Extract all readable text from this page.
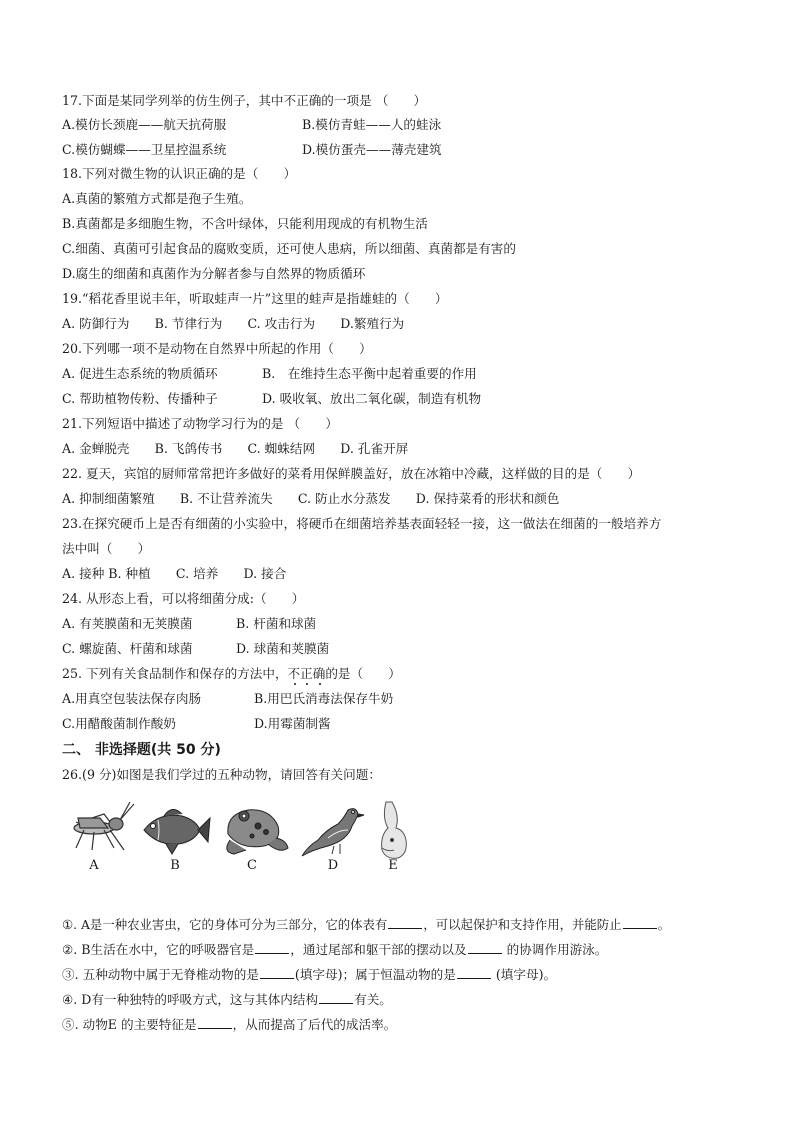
17.下面是某同学列举的仿生例子，其中不正确的一项是 （　　）
A.模仿长颈鹿——航天抗荷服	B.模仿青蛙——人的蛙泳
C.模仿蝴蝶——卫星控温系统	D.模仿蛋壳——薄壳建筑
18.下列对微生物的认识正确的是（　　）
A.真菌的繁殖方式都是孢子生殖。
B.真菌都是多细胞生物，不含叶绿体，只能利用现成的有机物生活
C.细菌、真菌可引起食品的腐败变质，还可使人患病，所以细菌、真菌都是有害的
D.腐生的细菌和真菌作为分解者参与自然界的物质循环
19.“稻花香里说丰年，听取蛙声一片”这里的蛙声是指雄蛙的（　　）
A. 防御行为　　B. 节律行为　　C. 攻击行为　　D.繁殖行为
20.下列哪一项不是动物在自然界中所起的作用（　　）
A. 促进生态系统的物质循环	B.　在维持生态平衡中起着重要的作用
C. 帮助植物传粉、传播种子	D. 吸收氧、放出二氧化碳，制造有机物
21.下列短语中描述了动物学习行为的是 （　　）
A. 金蝉脱壳　　B. 飞鸽传书　　C. 蜘蛛结网　　D. 孔雀开屏
22. 夏天，宾馆的厨师常常把许多做好的菜肴用保鲜膜盖好，放在冰箱中冷藏，这样做的目的是（　　）
A. 抑制细菌繁殖　　B. 不让营养流失　　C. 防止水分蒸发　　D. 保持菜肴的形状和颜色
23.在探究硬币上是否有细菌的小实验中，将硬币在细菌培养基表面轻轻一接，这一做法在细菌的一般培养方
法中叫（　　）
A. 接种 B. 种植　　C. 培养　　D. 接合
24. 从形态上看，可以将细菌分成:（　　）
A. 有荚膜菌和无荚膜菌	B. 杆菌和球菌
C. 螺旋菌、杆菌和球菌	D. 球菌和荚膜菌
25. 下列有关食品制作和保存的方法中，不正确的是（　　）
A.用真空包装法保存肉肠	B.用巴氏消毒法保存牛奶
C.用醋酸菌制作酸奶	D.用霉菌制酱
二、 非选择题(共 50 分)
26.(9 分)如图是我们学过的五种动物，请回答有关问题：
A	B	C	D	E
①. A是一种农业害虫，它的身体可分为三部分，它的体表有	，可以起保护和支持作用，并能防止	。
②. B生活在水中，它的呼吸器官是	，通过尾部和躯干部的摆动以及	的协调作用游泳。
③. 五种动物中属于无脊椎动物的是	(填字母)；属于恒温动物的是	(填字母)。
④. D有一种独特的呼吸方式，这与其体内结构	有关。
⑤. 动物E 的主要特征是	，从而提高了后代的成活率。
